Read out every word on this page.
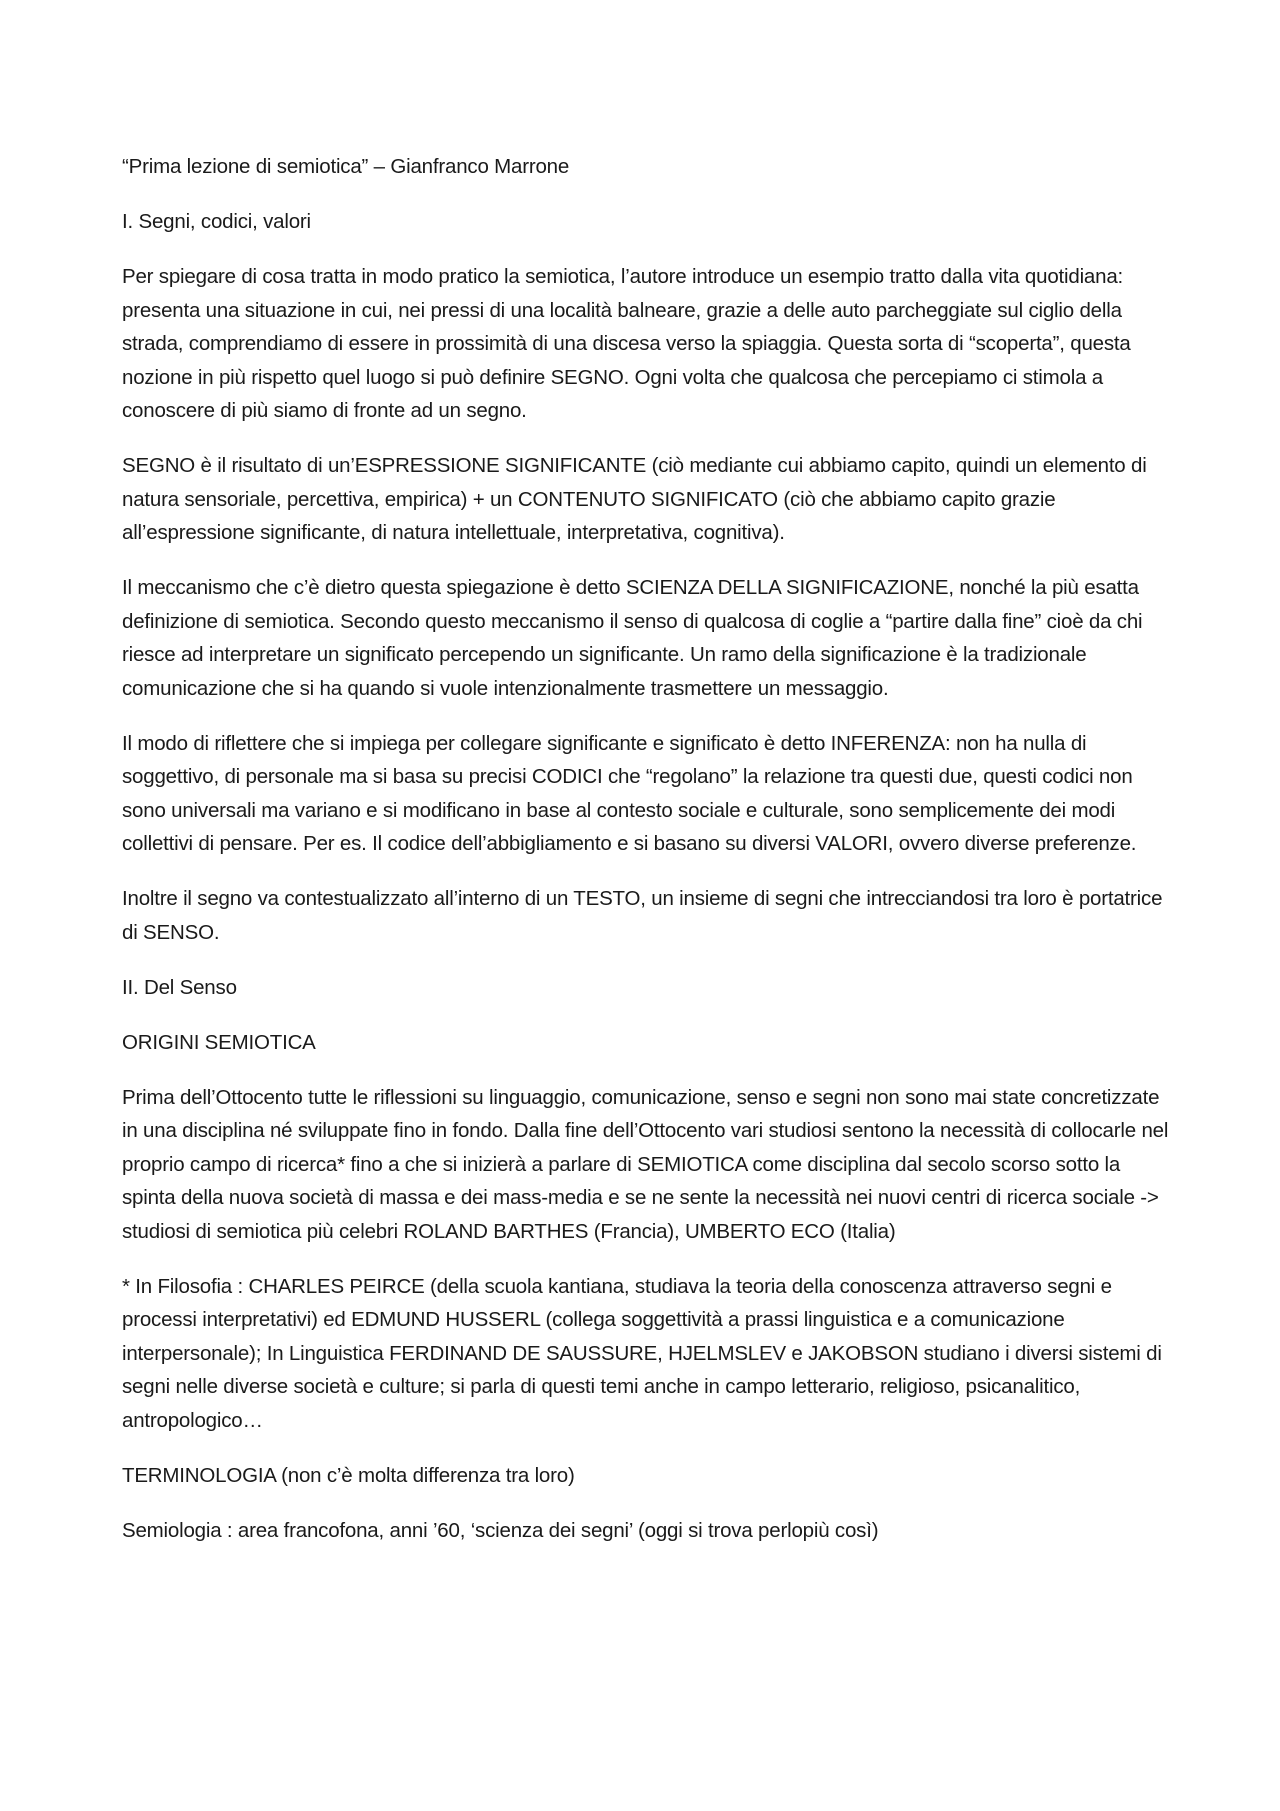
“Prima lezione di semiotica” – Gianfranco Marrone

I. Segni, codici, valori

Per spiegare di cosa tratta in modo pratico la semiotica, l’autore introduce un esempio tratto dalla vita quotidiana: presenta una situazione in cui, nei pressi di una località balneare, grazie a delle auto parcheggiate sul ciglio della strada, comprendiamo di essere in prossimità di una discesa verso la spiaggia. Questa sorta di “scoperta”, questa nozione in più rispetto quel luogo si può definire SEGNO. Ogni volta che qualcosa che percepiamo ci stimola a conoscere di più siamo di fronte ad un segno.

SEGNO è il risultato di un’ESPRESSIONE SIGNIFICANTE (ciò mediante cui abbiamo capito, quindi un elemento di natura sensoriale, percettiva, empirica) + un CONTENUTO SIGNIFICATO (ciò che abbiamo capito grazie all’espressione significante, di natura intellettuale, interpretativa, cognitiva).

Il meccanismo che c’è dietro questa spiegazione è detto SCIENZA DELLA SIGNIFICAZIONE, nonché la più esatta definizione di semiotica. Secondo questo meccanismo il senso di qualcosa di coglie a “partire dalla fine” cioè da chi riesce ad interpretare un significato percependo un significante. Un ramo della significazione è la tradizionale comunicazione che si ha quando si vuole intenzionalmente trasmettere un messaggio.

Il modo di riflettere che si impiega per collegare significante e significato è detto INFERENZA: non ha nulla di soggettivo, di personale ma si basa su precisi CODICI che “regolano” la relazione tra questi due, questi codici non sono universali ma variano e si modificano in base al contesto sociale e culturale, sono semplicemente dei modi collettivi di pensare. Per es. Il codice dell’abbigliamento e si basano su diversi VALORI, ovvero diverse preferenze.

Inoltre il segno va contestualizzato all’interno di un TESTO, un insieme di segni che intrecciandosi tra loro è portatrice di SENSO.

II. Del Senso

ORIGINI SEMIOTICA

Prima dell’Ottocento tutte le riflessioni su linguaggio, comunicazione, senso e segni non sono mai state concretizzate in una disciplina né sviluppate fino in fondo. Dalla fine dell’Ottocento vari studiosi sentono la necessità di collocarle nel proprio campo di ricerca* fino a che si inizierà a parlare di SEMIOTICA come disciplina dal secolo scorso sotto la spinta della nuova società di massa e dei mass-media e se ne sente la necessità nei nuovi centri di ricerca sociale -> studiosi di semiotica più celebri ROLAND BARTHES (Francia), UMBERTO ECO (Italia)

* In Filosofia : CHARLES PEIRCE (della scuola kantiana, studiava la teoria della conoscenza attraverso segni e processi interpretativi) ed EDMUND HUSSERL (collega soggettività a prassi linguistica e a comunicazione interpersonale); In Linguistica FERDINAND DE SAUSSURE, HJELMSLEV e JAKOBSON studiano i diversi sistemi di segni nelle diverse società e culture; si parla di questi temi anche in campo letterario, religioso, psicanalitico, antropologico…

TERMINOLOGIA (non c’è molta differenza tra loro)

Semiologia : area francofona, anni ’60, ‘scienza dei segni’ (oggi si trova perlopiù così)
